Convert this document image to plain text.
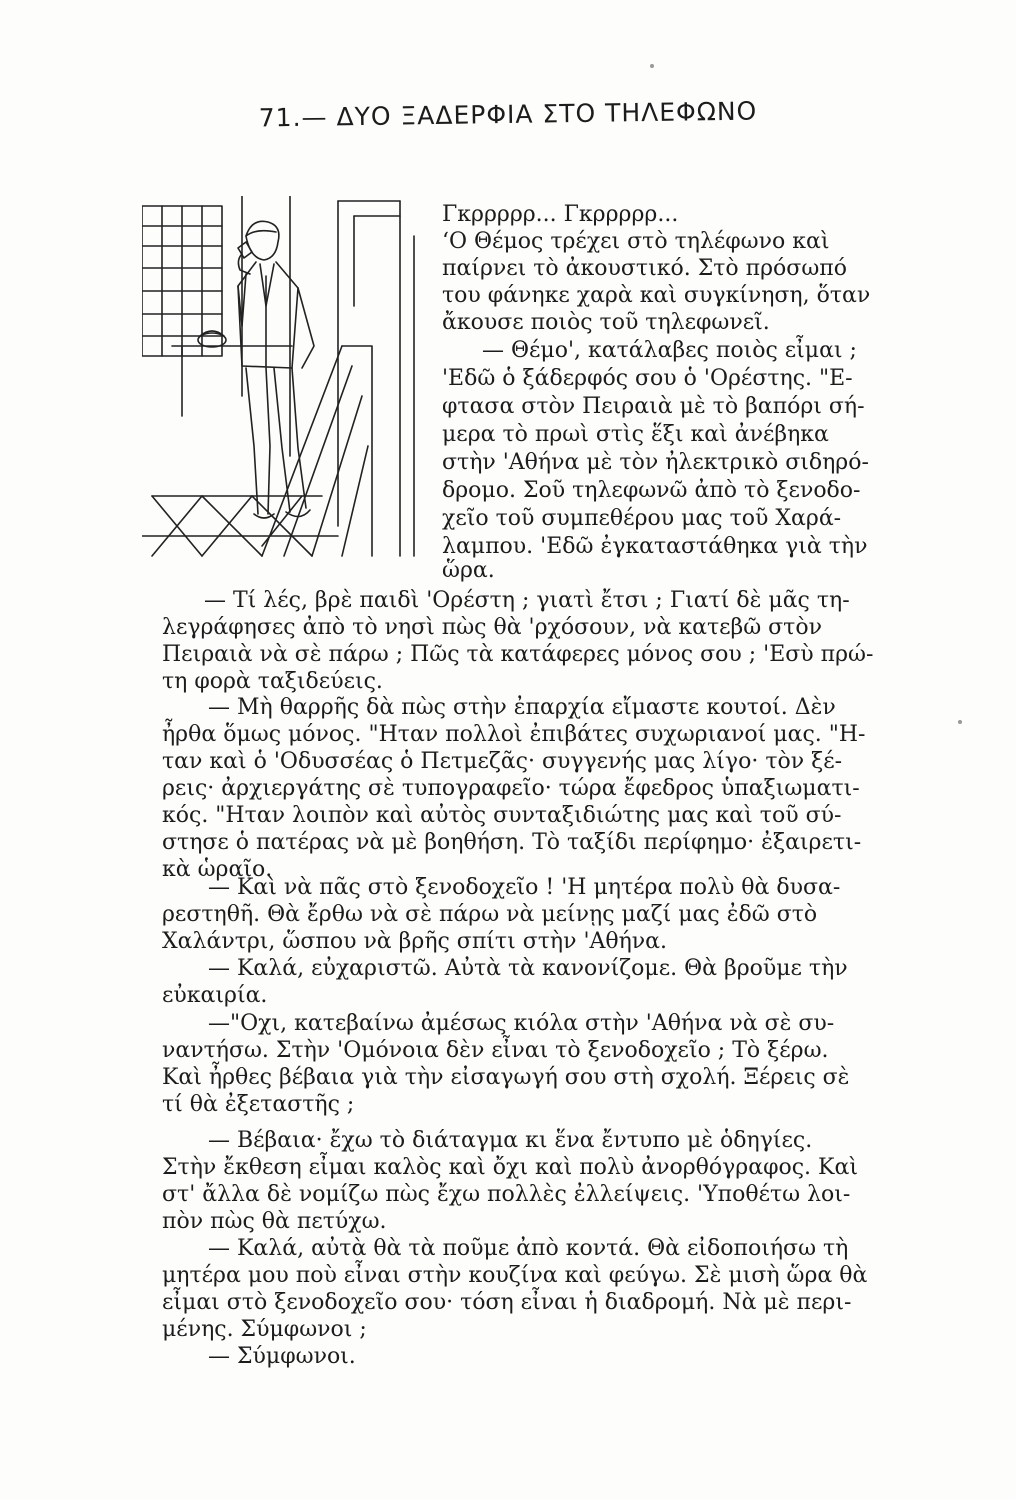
71.— ΔΥΟ ΞΑΔΕΡΦΙΑ ΣΤΟ ΤΗΛΕΦΩΝΟ
Γκρρρρρ... Γκρρρρρ...
‘Ο Θέμος τρέχει στὸ τηλέφωνο καὶ
παίρνει τὸ ἀκουστικό. Στὸ πρόσωπό
του φάνηκε χαρὰ καὶ συγκίνηση, ὅταν
ἄκουσε ποιὸς τοῦ τηλεφωνεῖ.
— Θέμο', κατάλαβες ποιὸς εἶμαι ;
'Εδῶ ὁ ξάδερφός σου ὁ 'Ορέστης. "Ε-
φτασα στὸν Πειραιὰ μὲ τὸ βαπόρι σή-
μερα τὸ πρωὶ στὶς ἕξι καὶ ἀνέβηκα
στὴν 'Αθήνα μὲ τὸν ἠλεκτρικὸ σιδηρό-
δρομο. Σοῦ τηλεφωνῶ ἀπὸ τὸ ξενοδο-
χεῖο τοῦ συμπεθέρου μας τοῦ Χαρά-
λαμπου. 'Εδῶ ἐγκαταστάθηκα γιὰ τὴν
ὥρα.
— Τί λές, βρὲ παιδὶ 'Ορέστη ; γιατὶ ἔτσι ; Γιατί δὲ μᾶς τη-
λεγράφησες ἀπὸ τὸ νησὶ πὼς θὰ 'ρχόσουν, νὰ κατεβῶ στὸν
Πειραιὰ νὰ σὲ πάρω ; Πῶς τὰ κατάφερες μόνος σου ; 'Εσὺ πρώ-
τη φορὰ ταξιδεύεις.
— Μὴ θαρρῆς δὰ πὼς στὴν ἐπαρχία εἴμαστε κουτοί. Δὲν
ἦρθα ὅμως μόνος. "Ηταν πολλοὶ ἐπιβάτες συχωριανοί μας. "Η-
ταν καὶ ὁ 'Οδυσσέας ὁ Πετμεζᾶς· συγγενής μας λίγο· τὸν ξέ-
ρεις· ἀρχιεργάτης σὲ τυπογραφεῖο· τώρα ἔφεδρος ὑπαξιωματι-
κός. "Ηταν λοιπὸν καὶ αὐτὸς συνταξιδιώτης μας καὶ τοῦ σύ-
στησε ὁ πατέρας νὰ μὲ βοηθήση. Τὸ ταξίδι περίφημο· ἐξαιρετι-
κὰ ὡραῖο.
— Καὶ νὰ πᾶς στὸ ξενοδοχεῖο ! 'Η μητέρα πολὺ θὰ δυσα-
ρεστηθῆ. Θὰ ἔρθω νὰ σὲ πάρω νὰ μείνῃς μαζί μας ἐδῶ στὸ
Χαλάντρι, ὥσπου νὰ βρῆς σπίτι στὴν 'Αθήνα.
— Καλά, εὐχαριστῶ. Αὐτὰ τὰ κανονίζομε. Θὰ βροῦμε τὴν
εὐκαιρία.
—"Οχι, κατεβαίνω ἀμέσως κιόλα στὴν 'Αθήνα νὰ σὲ συ-
ναντήσω. Στὴν 'Ομόνοια δὲν εἶναι τὸ ξενοδοχεῖο ; Τὸ ξέρω.
Καὶ ἦρθες βέβαια γιὰ τὴν εἰσαγωγή σου στὴ σχολή. Ξέρεις σὲ
τί θὰ ἐξεταστῆς ;
— Βέβαια· ἔχω τὸ διάταγμα κι ἕνα ἔντυπο μὲ ὁδηγίες.
Στὴν ἔκθεση εἶμαι καλὸς καὶ ὄχι καὶ πολὺ ἀνορθόγραφος. Καὶ
στ' ἄλλα δὲ νομίζω πὼς ἔχω πολλὲς ἐλλείψεις. 'Υποθέτω λοι-
πὸν πὼς θὰ πετύχω.
— Καλά, αὐτὰ θὰ τὰ ποῦμε ἀπὸ κοντά. Θὰ εἰδοποιήσω τὴ
μητέρα μου ποὺ εἶναι στὴν κουζίνα καὶ φεύγω. Σὲ μισὴ ὥρα θὰ
εἶμαι στὸ ξενοδοχεῖο σου· τόση εἶναι ἡ διαδρομή. Νὰ μὲ περι-
μένης. Σύμφωνοι ;
— Σύμφωνοι.
